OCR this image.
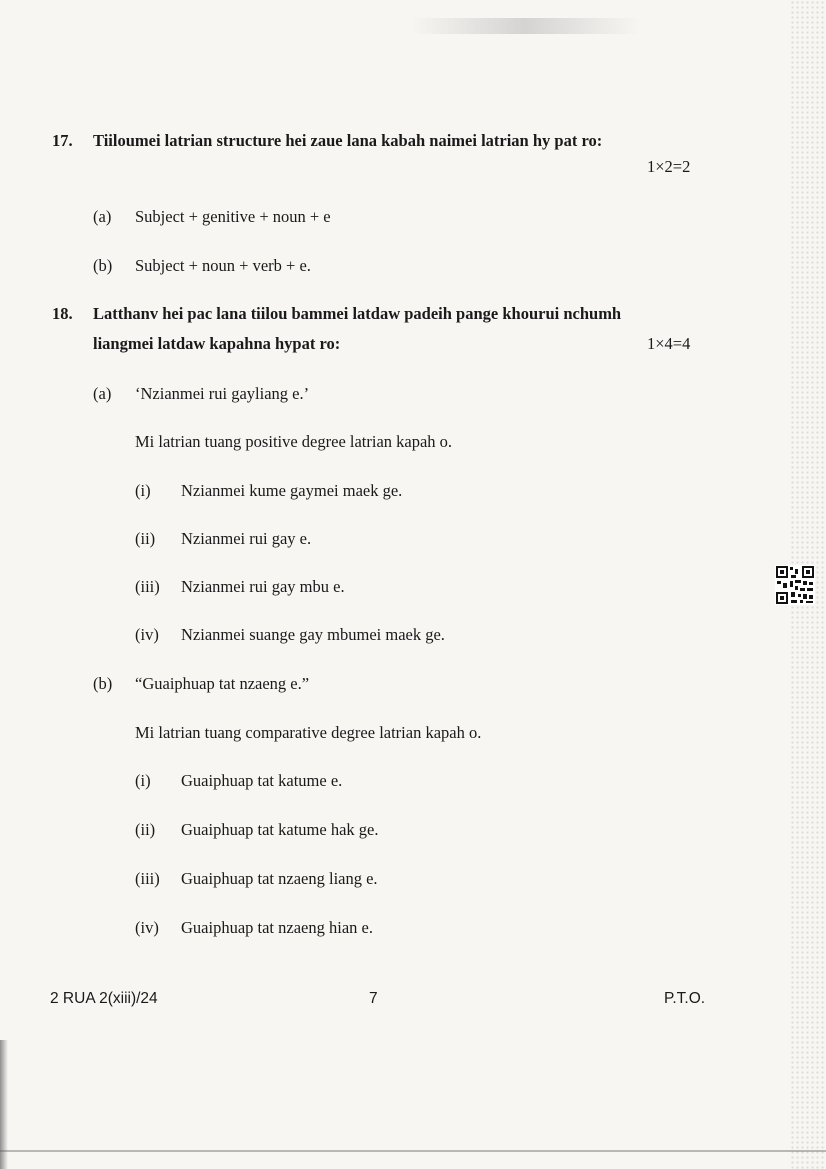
17. Tiiloumei latrian structure hei zaue lana kabah naimei latrian hy pat ro:
1×2=2
(a) Subject + genitive + noun + e
(b) Subject + noun + verb + e.
18. Latthanv hei pac lana tiilou bammei latdaw padeih pange khourui nchumh
liangmei latdaw kapahna hypat ro:	1×4=4
(a) ‘Nzianmei rui gayliang e.’
Mi latrian tuang positive degree latrian kapah o.
(i) Nzianmei kume gaymei maek ge.
(ii) Nzianmei rui gay e.
(iii) Nzianmei rui gay mbu e.
(iv) Nzianmei suange gay mbumei maek ge.
(b) “Guaiphuap tat nzaeng e.”
Mi latrian tuang comparative degree latrian kapah o.
(i) Guaiphuap tat katume e.
(ii) Guaiphuap tat katume hak ge.
(iii) Guaiphuap tat nzaeng liang e.
(iv) Guaiphuap tat nzaeng hian e.
2 RUA 2(xiii)/24	7	P.T.O.
